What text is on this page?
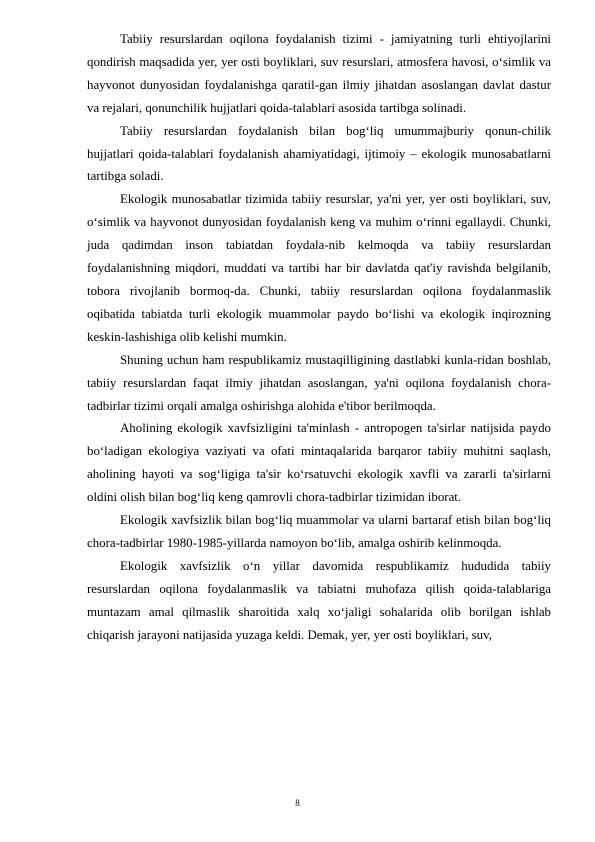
Tabiiy resurslardan oqilona foydalanish tizimi - jamiyatning turli ehtiyojlarini qondirish maqsadida yer, yer osti boyliklari, suv resurslari, atmosfera havosi, o‘simlik va hayvonot dunyosidan foydalanishga qaratil-gan ilmiy jihatdan asoslangan davlat dastur va rejalari, qonunchilik hujjatlari qoida-talablari asosida tartibga solinadi.

Tabiiy resurslardan foydalanish bilan bog‘liq umummajburiy qonun-chilik hujjatlari qoida-talablari foydalanish ahamiyatidagi, ijtimoiy – ekologik munosabatlarni tartibga soladi.

Ekologik munosabatlar tizimida tabiiy resurslar, ya'ni yer, yer osti boyliklari, suv, o‘simlik va hayvonot dunyosidan foydalanish keng va muhim o‘rinni egallaydi. Chunki, juda qadimdan inson tabiatdan foydala-nib kelmoqda va tabiiy resurslardan foydalanishning miqdori, muddati va tartibi har bir davlatda qat'iy ravishda belgilanib, tobora rivojlanib bormoq-da. Chunki, tabiiy resurslardan oqilona foydalanmaslik oqibatida tabiatda turli ekologik muammolar paydo bo‘lishi va ekologik inqirozning keskin-lashishiga olib kelishi mumkin.

Shuning uchun ham respublikamiz mustaqilligining dastlabki kunla-ridan boshlab, tabiiy resurslardan faqat ilmiy jihatdan asoslangan, ya'ni oqilona foydalanish chora-tadbirlar tizimi orqali amalga oshirishga alohida e'tibor berilmoqda.

Aholining ekologik xavfsizligini ta'minlash - antropogen ta'sirlar natijsida paydo bo‘ladigan ekologiya vaziyati va ofati mintaqalarida barqaror tabiiy muhitni saqlash, aholining hayoti va sog‘ligiga ta'sir ko‘rsatuvchi ekologik xavfli va zararli ta'sirlarni oldini olish bilan bog‘liq keng qamrovli chora-tadbirlar tizimidan iborat.

Ekologik xavfsizlik bilan bog‘liq muammolar va ularni bartaraf etish bilan bog‘liq chora-tadbirlar 1980-1985-yillarda namoyon bo‘lib, amalga oshirib kelinmoqda.

Ekologik xavfsizlik o‘n yillar davomida respublikamiz hududida tabiiy resurslardan oqilona foydalanmaslik va tabiatni muhofaza qilish qoida-talablariga muntazam amal qilmaslik sharoitida xalq xo‘jaligi sohalarida olib borilgan ishlab chiqarish jarayoni natijasida yuzaga keldi. Demak, yer, yer osti boyliklari, suv,

8
